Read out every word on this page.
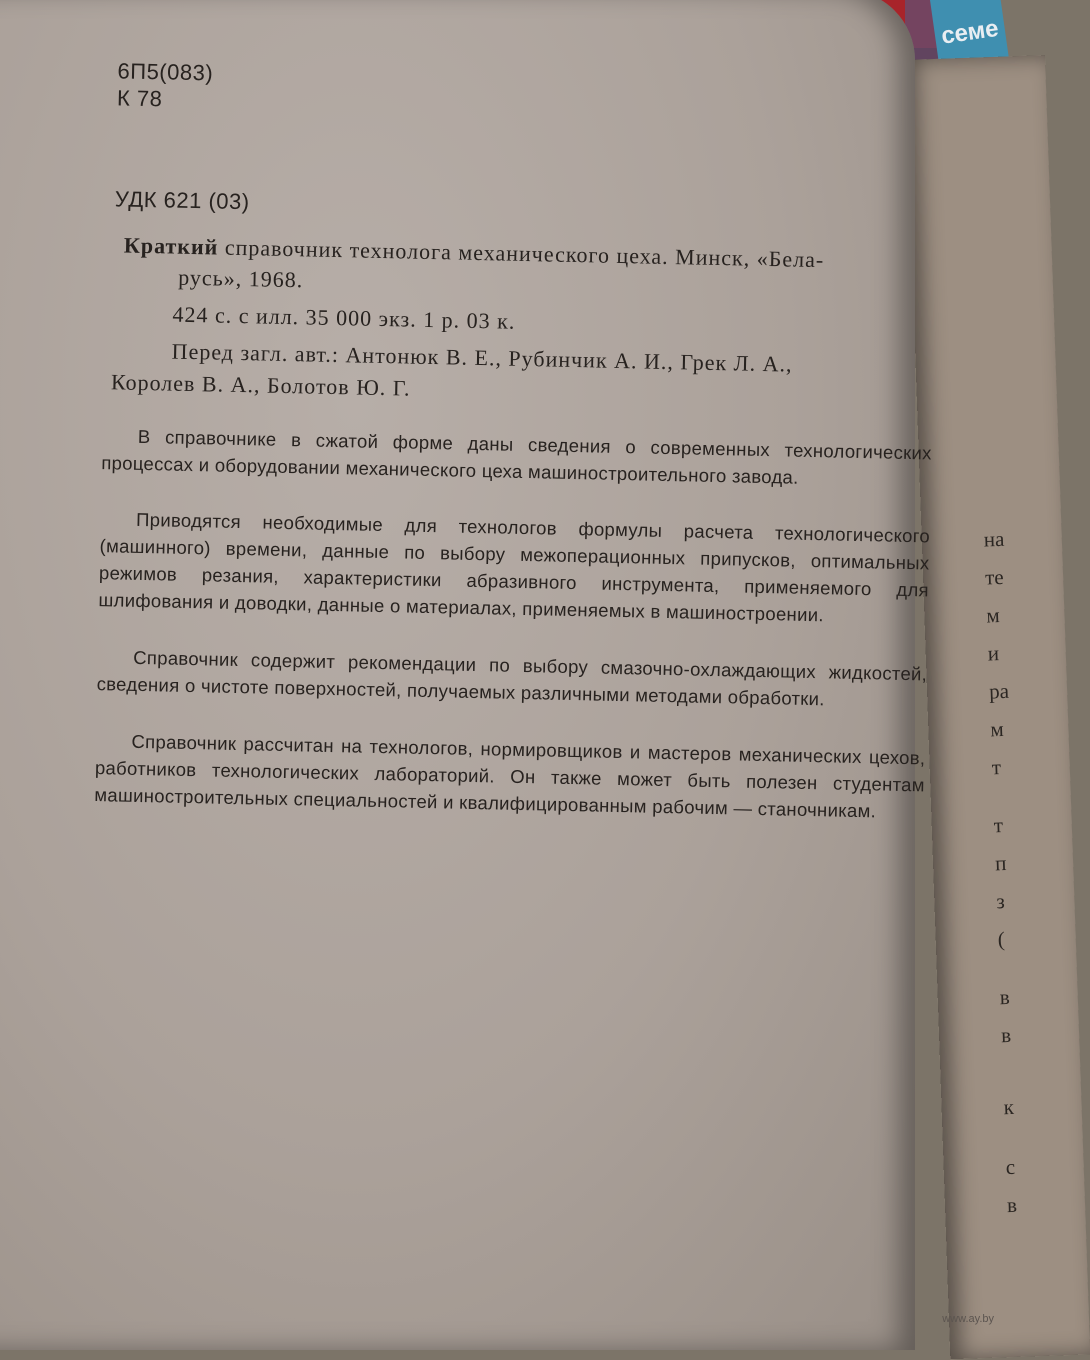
семе
на
те
м
и
ра
м
т
т
п
з
(
в
в
к
с
в
6П5(083)
К 78
УДК 621 (03)
Краткий справочник технолога механического цеха. Минск, «Бела-
русь», 1968.
424 с. с илл. 35 000 экз. 1 р. 03 к.
Перед загл. авт.: Антонюк В. Е., Рубинчик А. И., Грек Л. А.,
Королев В. А., Болотов Ю. Г.

В справочнике в сжатой форме даны сведения о современных технологических процессах и оборудовании механического цеха машиностроительного завода.

Приводятся необходимые для технологов формулы расчета технологического (машинного) времени, данные по выбору межоперационных припусков, оптимальных режимов резания, характеристики абразивного инструмента, применяемого для шлифования и доводки, данные о материалах, применяемых в машиностроении.

Справочник содержит рекомендации по выбору смазочно-охлаждающих жидкостей, сведения о чистоте поверхностей, получаемых различными методами обработки.

Справочник рассчитан на технологов, нормировщиков и мастеров механических цехов, работников технологических лабораторий. Он также может быть полезен студентам машиностроительных специальностей и квалифицированным рабочим — станочникам.

www.ay.by
